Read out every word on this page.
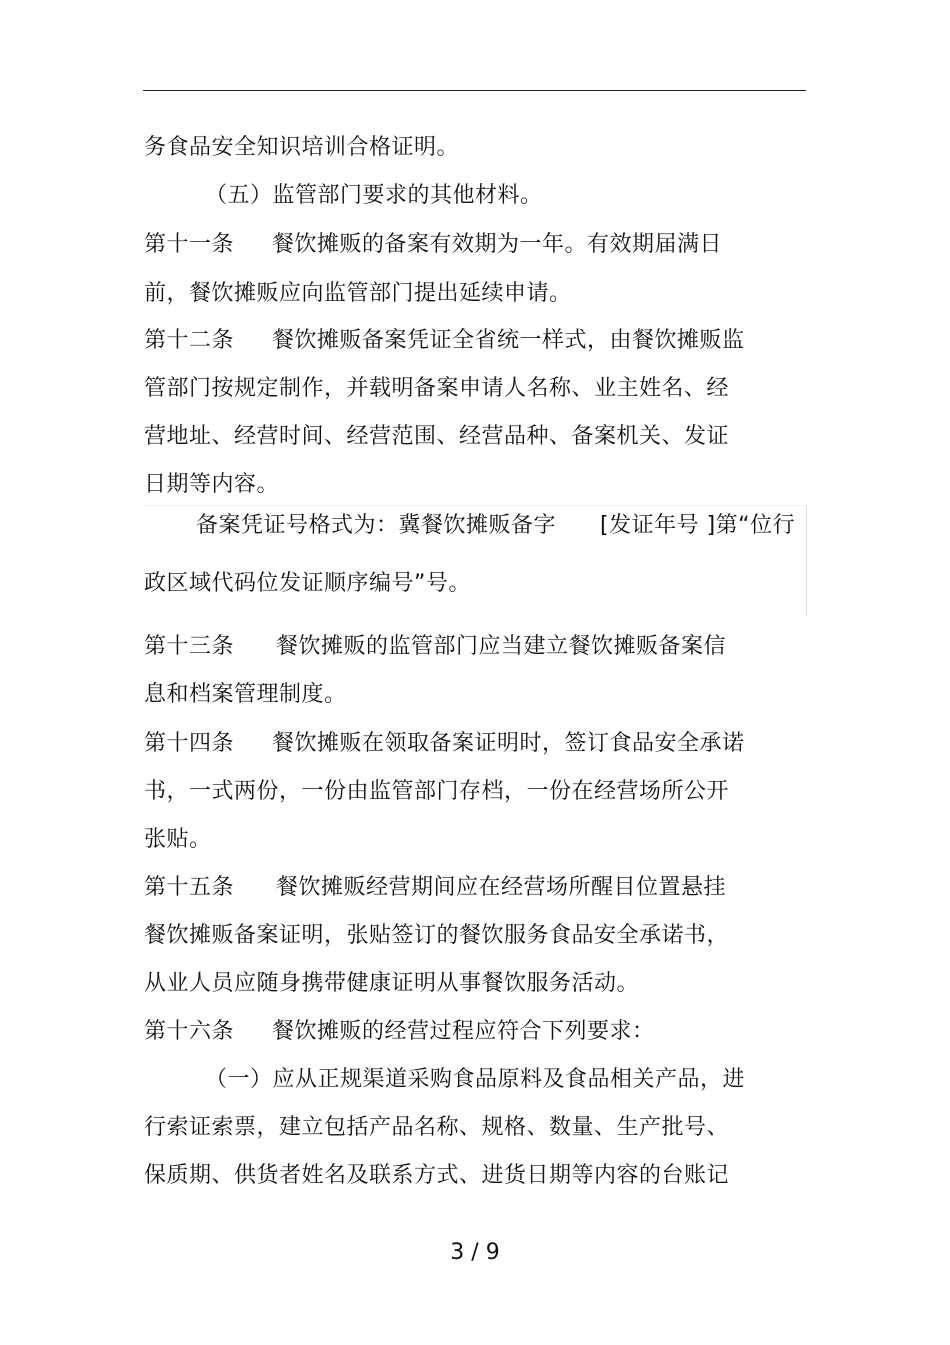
务食品安全知识培训合格证明。
（五）监管部门要求的其他材料。
第十一条 餐饮摊贩的备案有效期为一年。有效期届满日
前，餐饮摊贩应向监管部门提出延续申请。
第十二条 餐饮摊贩备案凭证全省统一样式，由餐饮摊贩监
管部门按规定制作，并载明备案申请人名称、业主姓名、经
营地址、经营时间、经营范围、经营品种、备案机关、发证
日期等内容。
备案凭证号格式为：冀餐饮摊贩备字 [发证年号 ]第“位行
政区域代码位发证顺序编号”号。
第十三条 餐饮摊贩的监管部门应当建立餐饮摊贩备案信
息和档案管理制度。
第十四条 餐饮摊贩在领取备案证明时，签订食品安全承诺
书，一式两份，一份由监管部门存档，一份在经营场所公开
张贴。
第十五条 餐饮摊贩经营期间应在经营场所醒目位置悬挂
餐饮摊贩备案证明，张贴签订的餐饮服务食品安全承诺书，
从业人员应随身携带健康证明从事餐饮服务活动。
第十六条 餐饮摊贩的经营过程应符合下列要求：
（一）应从正规渠道采购食品原料及食品相关产品，进
行索证索票，建立包括产品名称、规格、数量、生产批号、
保质期、供货者姓名及联系方式、进货日期等内容的台账记
3 / 9
